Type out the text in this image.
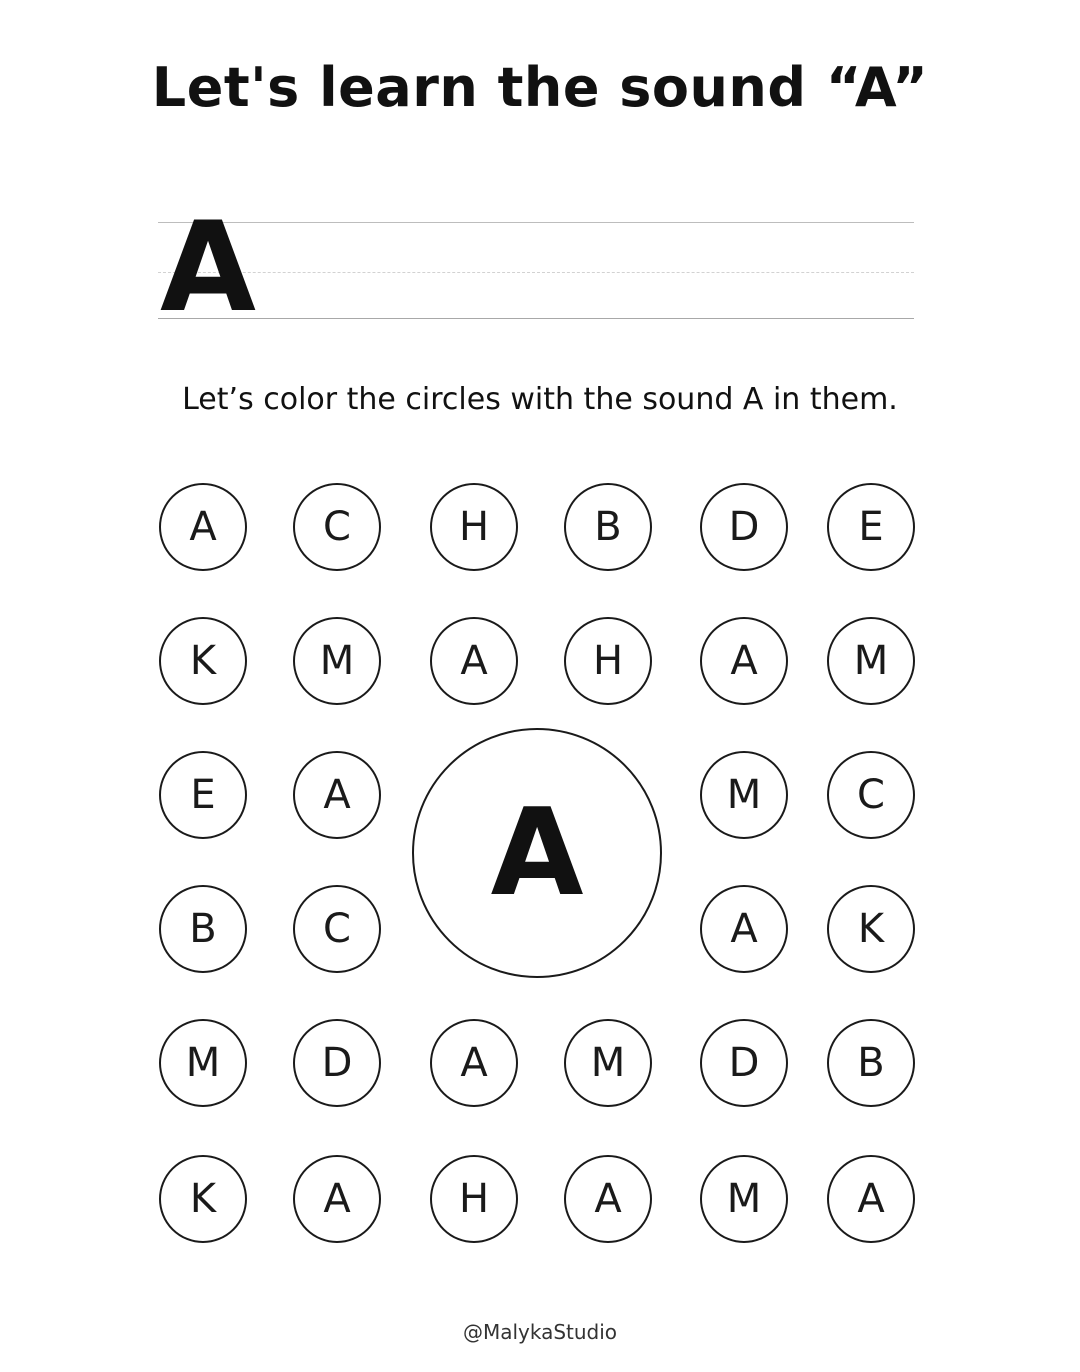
Let's learn the sound “A”
A
Let’s color the circles with the sound A in them.
A	C	H	B	D	E
K	M	A	H	A	M
E	A	M	C
B	C	A	K
M	D	A	M	D	B
K	A	H	A	M	A
A
@MalykaStudio
